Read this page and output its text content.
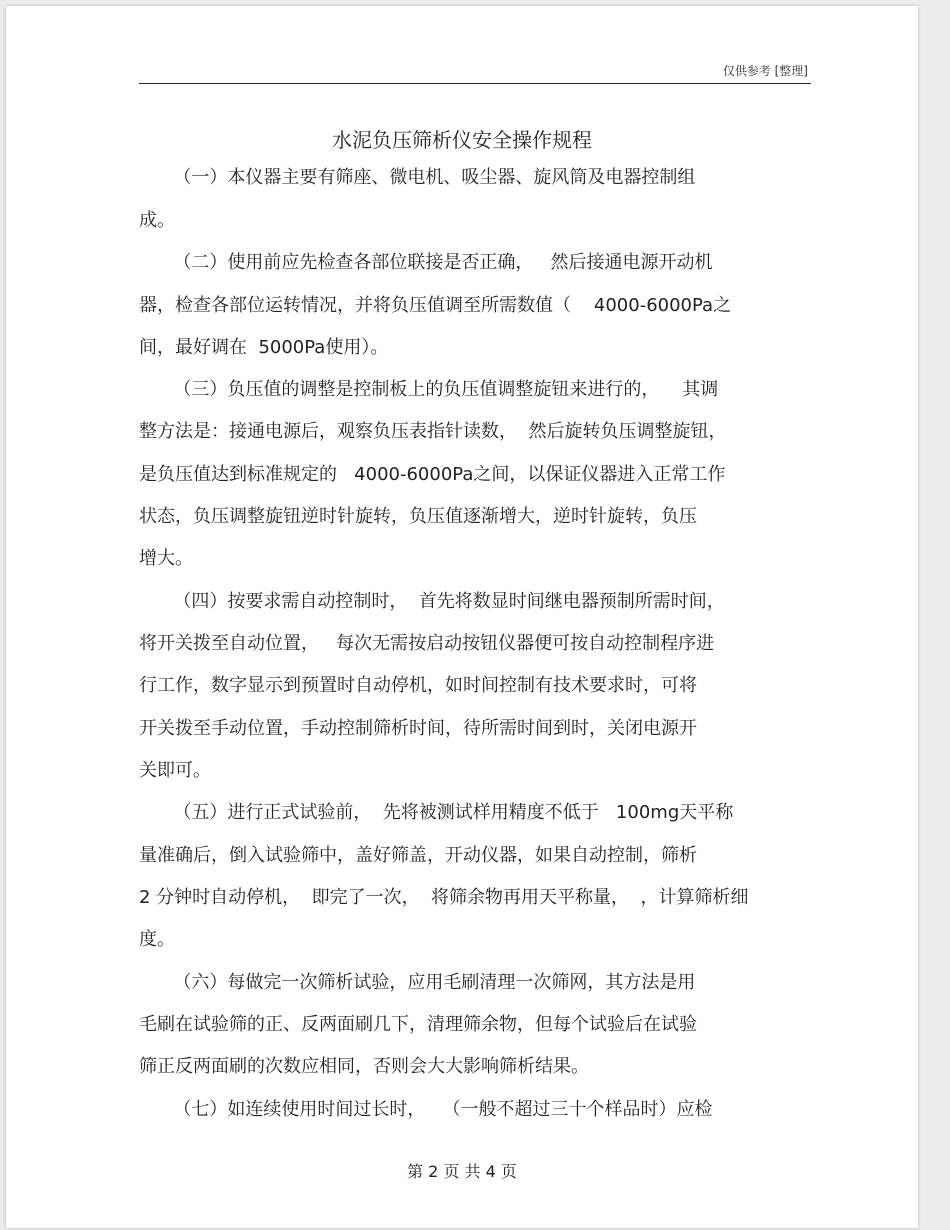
仅供参考 [整理]
水泥负压筛析仪安全操作规程
（一）本仪器主要有筛座、微电机、吸尘器、旋风筒及电器控制组
成。
（二）使用前应先检查各部位联接是否正确，   然后接通电源开动机
器，检查各部位运转情况，并将负压值调至所需数值（    4000-6000Pa之
间，最好调在  5000Pa使用）。
（三）负压值的调整是控制板上的负压值调整旋钮来进行的，    其调
整方法是：接通电源后，观察负压表指针读数，  然后旋转负压调整旋钮，
是负压值达到标准规定的   4000-6000Pa之间，以保证仪器进入正常工作
状态，负压调整旋钮逆时针旋转，负压值逐渐增大，逆时针旋转，负压
增大。
（四）按要求需自动控制时，  首先将数显时间继电器预制所需时间，
将开关拨至自动位置，   每次无需按启动按钮仪器便可按自动控制程序进
行工作，数字显示到预置时自动停机，如时间控制有技术要求时，可将
开关拨至手动位置，手动控制筛析时间，待所需时间到时，关闭电源开
关即可。
（五）进行正式试验前，  先将被测试样用精度不低于   100mg天平称
量准确后，倒入试验筛中，盖好筛盖，开动仪器，如果自动控制，筛析
2 分钟时自动停机，  即完了一次，  将筛余物再用天平称量，  ，计算筛析细
度。
（六）每做完一次筛析试验，应用毛刷清理一次筛网，其方法是用
毛刷在试验筛的正、反两面刷几下，清理筛余物，但每个试验后在试验
筛正反两面刷的次数应相同，否则会大大影响筛析结果。
（七）如连续使用时间过长时，   （一般不超过三十个样品时）应检
第 2 页 共 4 页
